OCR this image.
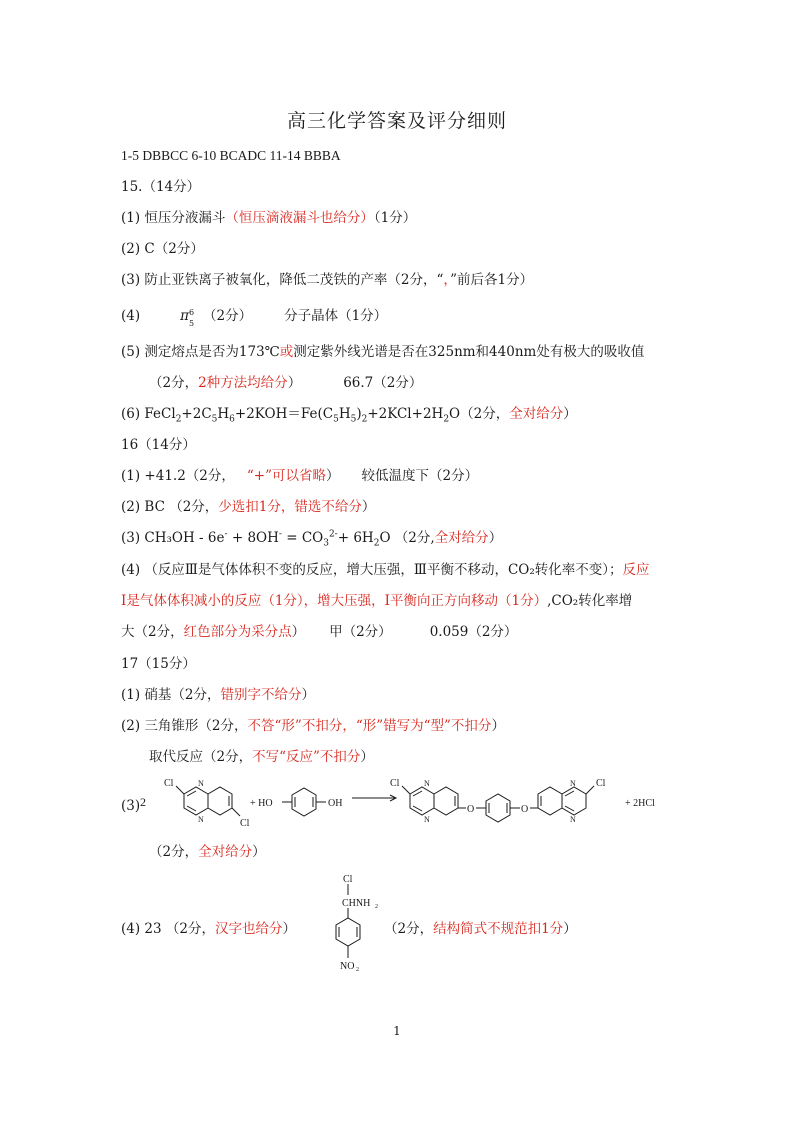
高三化学答案及评分细则
1-5 DBBCC 6-10 BCADC 11-14 BBBA
15.（14分）
(1) 恒压分液漏斗（恒压滴液漏斗也给分）（1分）
(2) C（2分）
(3) 防止亚铁离子被氧化，降低二茂铁的产率（2分，“，”前后各1分）
(4)	π 6
5 （2分） 分子晶体（1分）
(5) 测定熔点是否为173℃或测定紫外线光谱是否在325nm和440nm处有极大的吸收值
（2分，2种方法均给分）	66.7（2分）
(6) $FeCl_2+2C_5H_6+2KOH=Fe(C_5H_5)_2+2KCl+2H_2O(2$分，全对给分）
16（14分）
(1) +41.2（2分， “+”可以省略） 较低温度下（2分）
(2) BC （2分，少选扣1分，错选不给分）
(3) $CH_3OH - 6e^- + 8OH^- = CO_3^{2-}+ 6H_2O$ （2分,全对给分）
(4) （反应Ⅲ是气体体积不变的反应，增大压强，Ⅲ平衡不移动，CO₂转化率不变）；反应
Ⅰ是气体体积减小的反应（1分），增大压强，Ⅰ平衡向正方向移动（1分）,CO₂转化率增
大（2分，红色部分为采分点） 甲（2分）	0.059（2分）
17（15分）
(1) 硝基（2分，错别字不给分）
(2) 三角锥形（2分，不答“形”不扣分，“形”错写为“型”不扣分）
取代反应（2分，不写“反应”不扣分）
(3) 2
Cl	N
N	Cl
+ HO	OH
Cl	N
N
O	O
N
N
Cl
+ 2HCl
（2分，全对给分）
(4) 23 （2分，汉字也给分）
Cl
CHNH 2
NO 2
（2分，结构简式不规范扣1分）
1
